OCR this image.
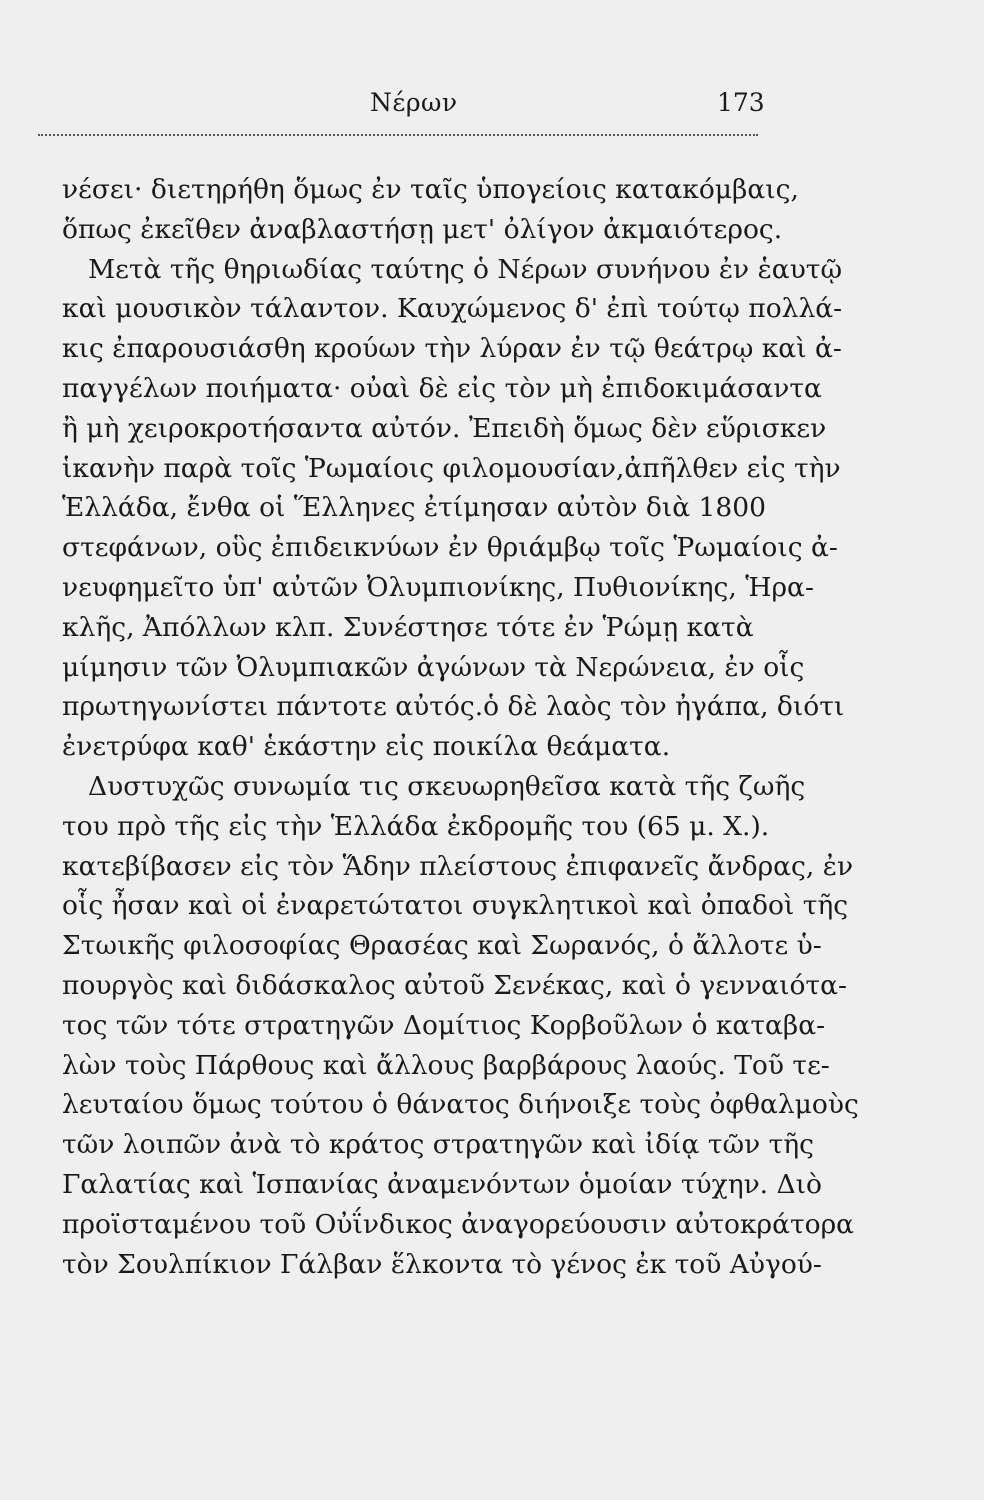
Νέρων	173
νέσει· διετηρήθη ὅμως ἐν ταῖς ὑπογείοις κατακόμβαις,
ὅπως ἐκεῖθεν ἀναβλαστήσῃ μετ' ὀλίγον ἀκμαιότερος.
Μετὰ τῆς θηριωδίας ταύτης ὁ Νέρων συνήνου ἐν ἑαυτῷ
καὶ μουσικὸν τάλαντον. Καυχώμενος δ' ἐπὶ τούτῳ πολλά-
κις ἐπαρουσιάσθη κρούων τὴν λύραν ἐν τῷ θεάτρῳ καὶ ἀ-
παγγέλων ποιήματα· οὐαὶ δὲ εἰς τὸν μὴ ἐπιδοκιμάσαντα
ἢ μὴ χειροκροτήσαντα αὐτόν. Ἐπειδὴ ὅμως δὲν εὕρισκεν
ἱκανὴν παρὰ τοῖς Ῥωμαίοις φιλομουσίαν,ἀπῆλθεν εἰς τὴν
Ἑλλάδα, ἔνθα οἱ Ἕλληνες ἐτίμησαν αὐτὸν διὰ 1800
στεφάνων, οὓς ἐπιδεικνύων ἐν θριάμβῳ τοῖς Ῥωμαίοις ἀ-
νευφημεῖτο ὑπ' αὐτῶν Ὀλυμπιονίκης, Πυθιονίκης, Ἡρα-
κλῆς, Ἀπόλλων κλπ. Συνέστησε τότε ἐν Ῥώμῃ κατὰ
μίμησιν τῶν Ὀλυμπιακῶν ἀγώνων τὰ Νερώνεια, ἐν οἷς
πρωτηγωνίστει πάντοτε αὐτός.ὁ δὲ λαὸς τὸν ἠγάπα, διότι
ἐνετρύφα καθ' ἑκάστην εἰς ποικίλα θεάματα.
Δυστυχῶς συνωμία τις σκευωρηθεῖσα κατὰ τῆς ζωῆς
του πρὸ τῆς εἰς τὴν Ἑλλάδα ἐκδρομῆς του (65 μ. Χ.).
κατεβίβασεν εἰς τὸν Ἅδην πλείστους ἐπιφανεῖς ἄνδρας, ἐν
οἷς ἦσαν καὶ οἱ ἐναρετώτατοι συγκλητικοὶ καὶ ὀπαδοὶ τῆς
Στωικῆς φιλοσοφίας Θρασέας καὶ Σωρανός, ὁ ἄλλοτε ὑ-
πουργὸς καὶ διδάσκαλος αὐτοῦ Σενέκας, καὶ ὁ γενναιότα-
τος τῶν τότε στρατηγῶν Δομίτιος Κορβοῦλων ὁ καταβα-
λὼν τοὺς Πάρθους καὶ ἄλλους βαρβάρους λαούς. Τοῦ τε-
λευταίου ὅμως τούτου ὁ θάνατος διήνοιξε τοὺς ὀφθαλμοὺς
τῶν λοιπῶν ἀνὰ τὸ κράτος στρατηγῶν καὶ ἰδίᾳ τῶν τῆς
Γαλατίας καὶ Ἱσπανίας ἀναμενόντων ὁμοίαν τύχην. Διὸ
προϊσταμένου τοῦ Οὐΐνδικος ἀναγορεύουσιν αὐτοκράτορα
τὸν Σουλπίκιον Γάλβαν ἕλκοντα τὸ γένος ἐκ τοῦ Αὐγού-
